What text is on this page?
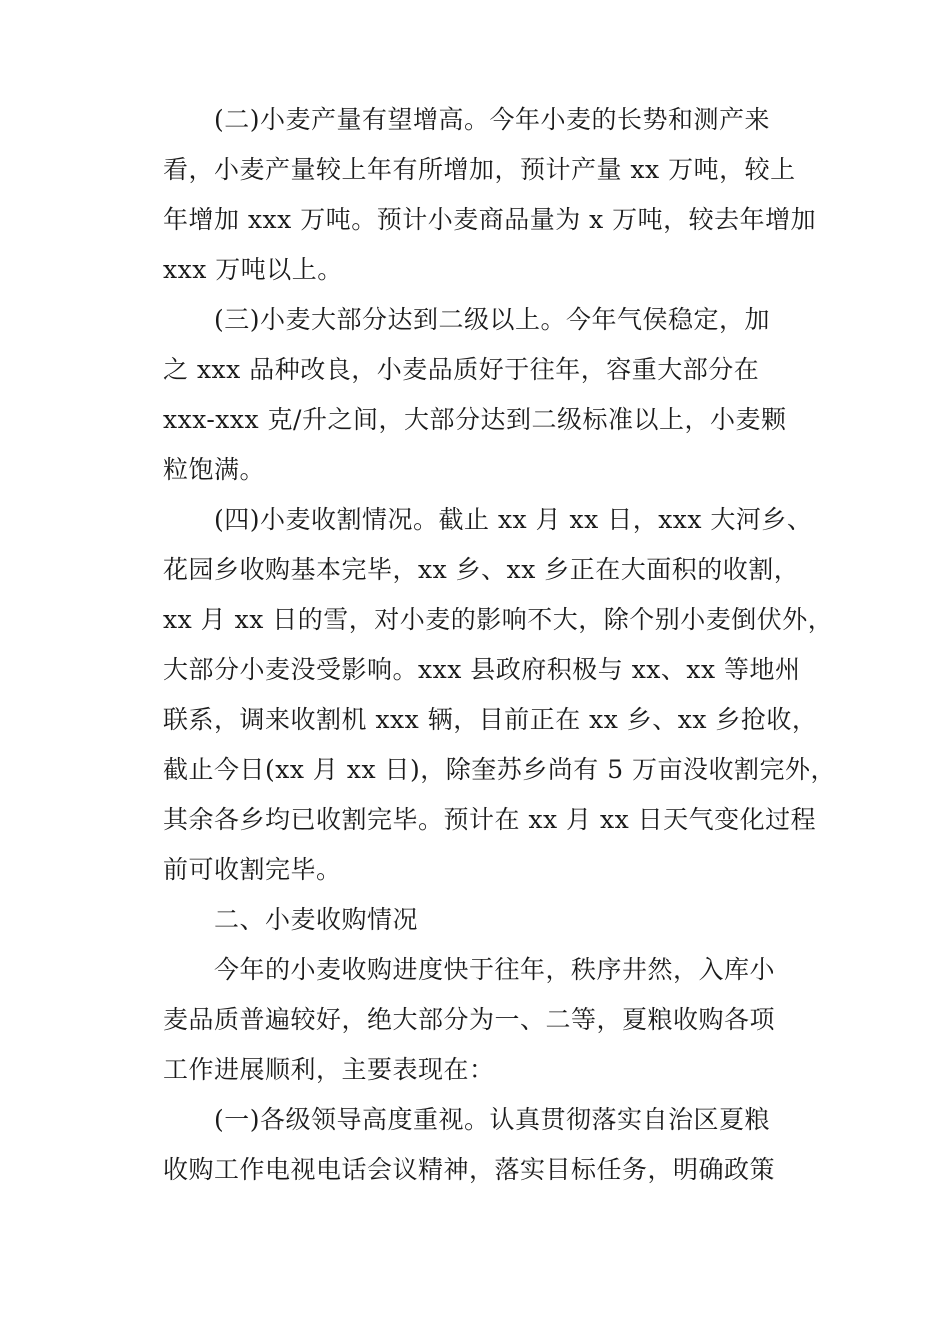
(二)小麦产量有望增高。今年小麦的长势和测产来
看，小麦产量较上年有所增加，预计产量 xx 万吨，较上
年增加 xxx 万吨。预计小麦商品量为 x 万吨，较去年增加
xxx 万吨以上。
(三)小麦大部分达到二级以上。今年气侯稳定，加
之 xxx 品种改良，小麦品质好于往年，容重大部分在
xxx-xxx 克/升之间，大部分达到二级标准以上，小麦颗
粒饱满。
(四)小麦收割情况。截止 xx 月 xx 日，xxx 大河乡、
花园乡收购基本完毕，xx 乡、xx 乡正在大面积的收割，
xx 月 xx 日的雪，对小麦的影响不大，除个别小麦倒伏外，
大部分小麦没受影响。xxx 县政府积极与 xx、xx 等地州
联系，调来收割机 xxx 辆，目前正在 xx 乡、xx 乡抢收，
截止今日(xx 月 xx 日)，除奎苏乡尚有 5 万亩没收割完外，
其余各乡均已收割完毕。预计在 xx 月 xx 日天气变化过程
前可收割完毕。
二、小麦收购情况
今年的小麦收购进度快于往年，秩序井然，入库小
麦品质普遍较好，绝大部分为一、二等，夏粮收购各项
工作进展顺利，主要表现在：
(一)各级领导高度重视。认真贯彻落实自治区夏粮
收购工作电视电话会议精神，落实目标任务，明确政策
